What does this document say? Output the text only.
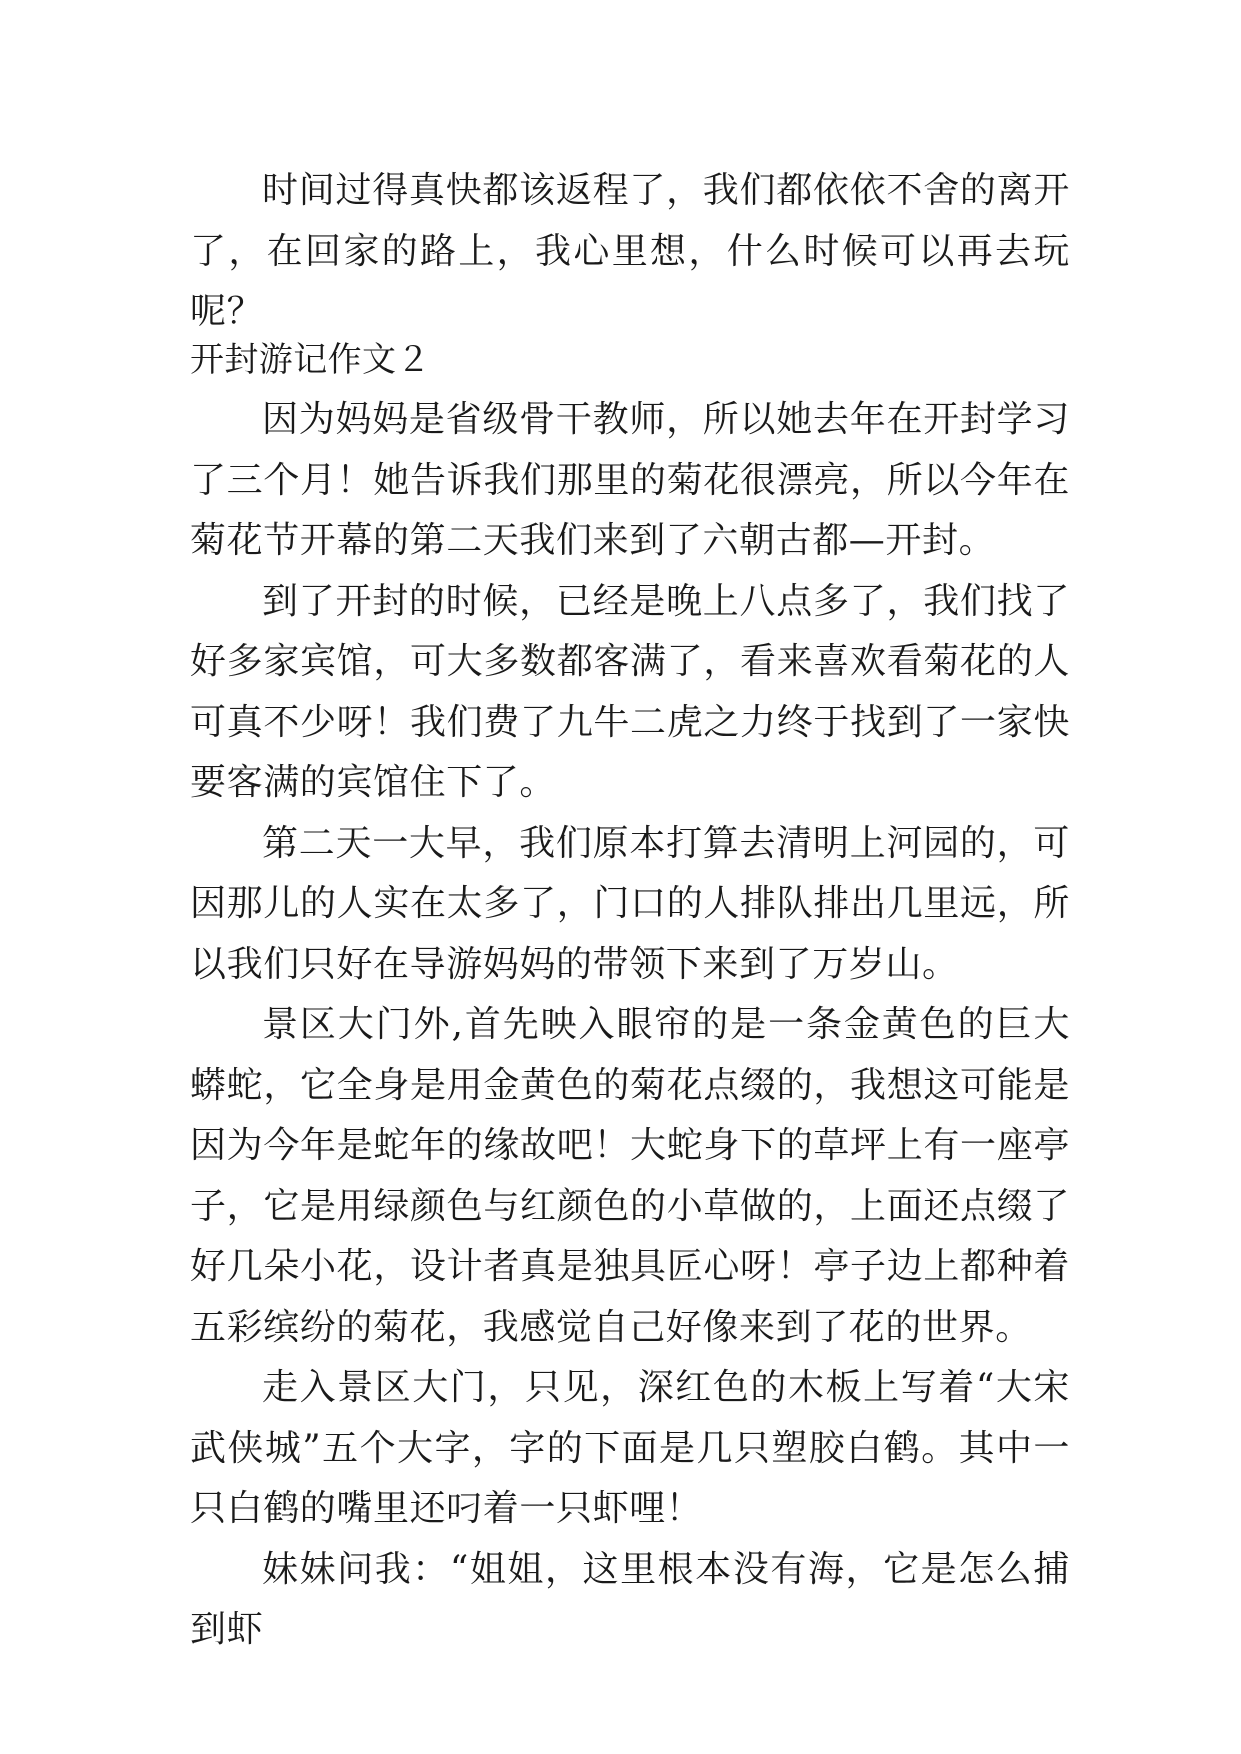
时间过得真快都该返程了，我们都依依不舍的离开了，在回家的路上，我心里想，什么时候可以再去玩呢？

开封游记作文２

因为妈妈是省级骨干教师，所以她去年在开封学习了三个月！她告诉我们那里的菊花很漂亮，所以今年在菊花节开幕的第二天我们来到了六朝古都—开封。

到了开封的时候，已经是晚上八点多了，我们找了好多家宾馆，可大多数都客满了，看来喜欢看菊花的人可真不少呀！我们费了九牛二虎之力终于找到了一家快要客满的宾馆住下了。

第二天一大早，我们原本打算去清明上河园的，可因那儿的人实在太多了，门口的人排队排出几里远，所以我们只好在导游妈妈的带领下来到了万岁山。

景区大门外,首先映入眼帘的是一条金黄色的巨大蟒蛇，它全身是用金黄色的菊花点缀的，我想这可能是因为今年是蛇年的缘故吧！大蛇身下的草坪上有一座亭子，它是用绿颜色与红颜色的小草做的，上面还点缀了好几朵小花，设计者真是独具匠心呀！亭子边上都种着五彩缤纷的菊花，我感觉自己好像来到了花的世界。

走入景区大门，只见，深红色的木板上写着“大宋武侠城”五个大字，字的下面是几只塑胶白鹤。其中一只白鹤的嘴里还叼着一只虾哩！

妹妹问我：“姐姐，这里根本没有海，它是怎么捕到虾
